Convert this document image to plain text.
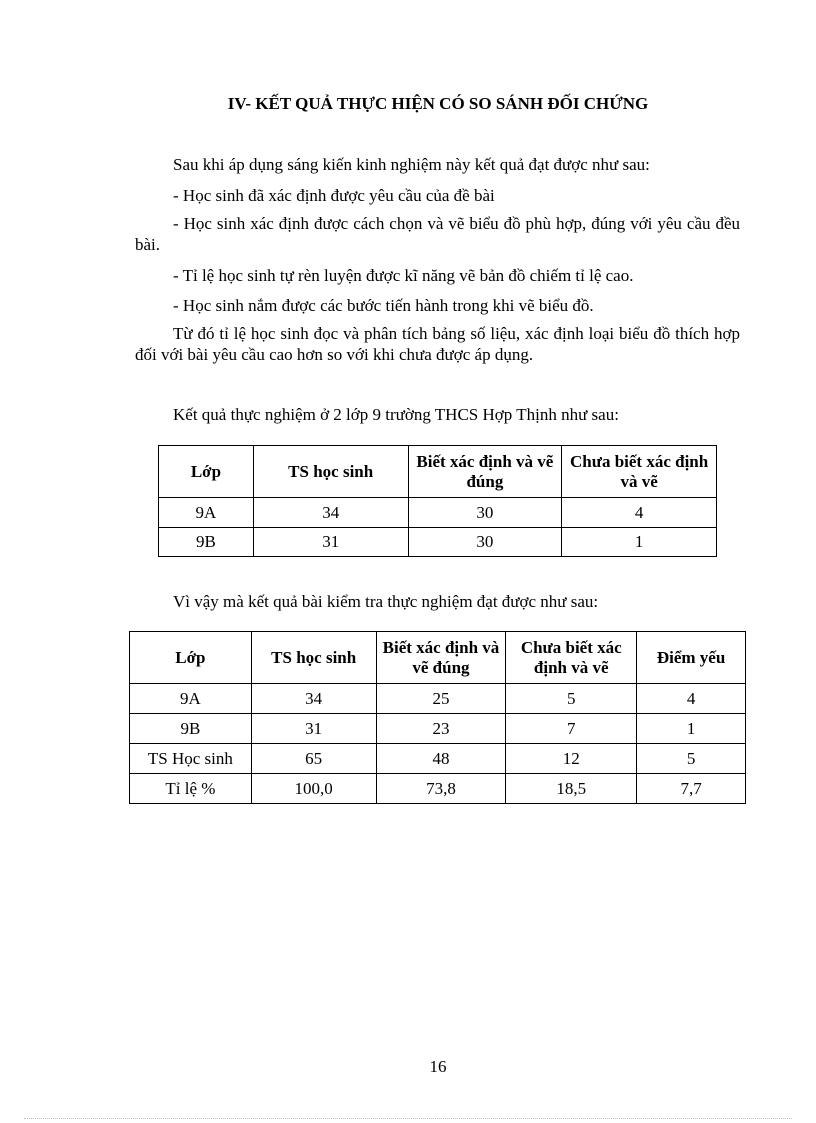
IV- KẾT QUẢ THỰC HIỆN CÓ SO SÁNH ĐỐI CHỨNG

Sau khi áp dụng sáng kiến kinh nghiệm này kết quả đạt được như sau:

- Học sinh đã xác định được yêu cầu của đề bài

- Học sinh xác định được cách chọn và vẽ biểu đồ phù hợp, đúng với yêu cầu đều bài.

- Tỉ lệ học sinh tự rèn luyện được kĩ năng vẽ bản đồ chiếm tỉ lệ cao.

- Học sinh nắm được các bước tiến hành trong khi vẽ biểu đồ.

Từ đó tỉ lệ học sinh đọc và phân tích bảng số liệu, xác định loại biểu đồ thích hợp đối với bài yêu cầu cao hơn so với khi chưa được áp dụng.

Kết quả thực nghiệm ở 2 lớp 9 trường THCS Hợp Thịnh như sau:

Lớp	TS học sinh	Biết xác định và vẽ đúng	Chưa biết xác định và vẽ
9A	34	30	4
9B	31	30	1

Vì vậy mà kết quả bài kiểm tra thực nghiệm đạt được như sau:

Lớp	TS học sinh	Biết xác định và vẽ đúng	Chưa biết xác định và vẽ	Điểm yếu
9A	34	25	5	4
9B	31	23	7	1
TS Học sinh	65	48	12	5
Tỉ lệ %	100,0	73,8	18,5	7,7
16
